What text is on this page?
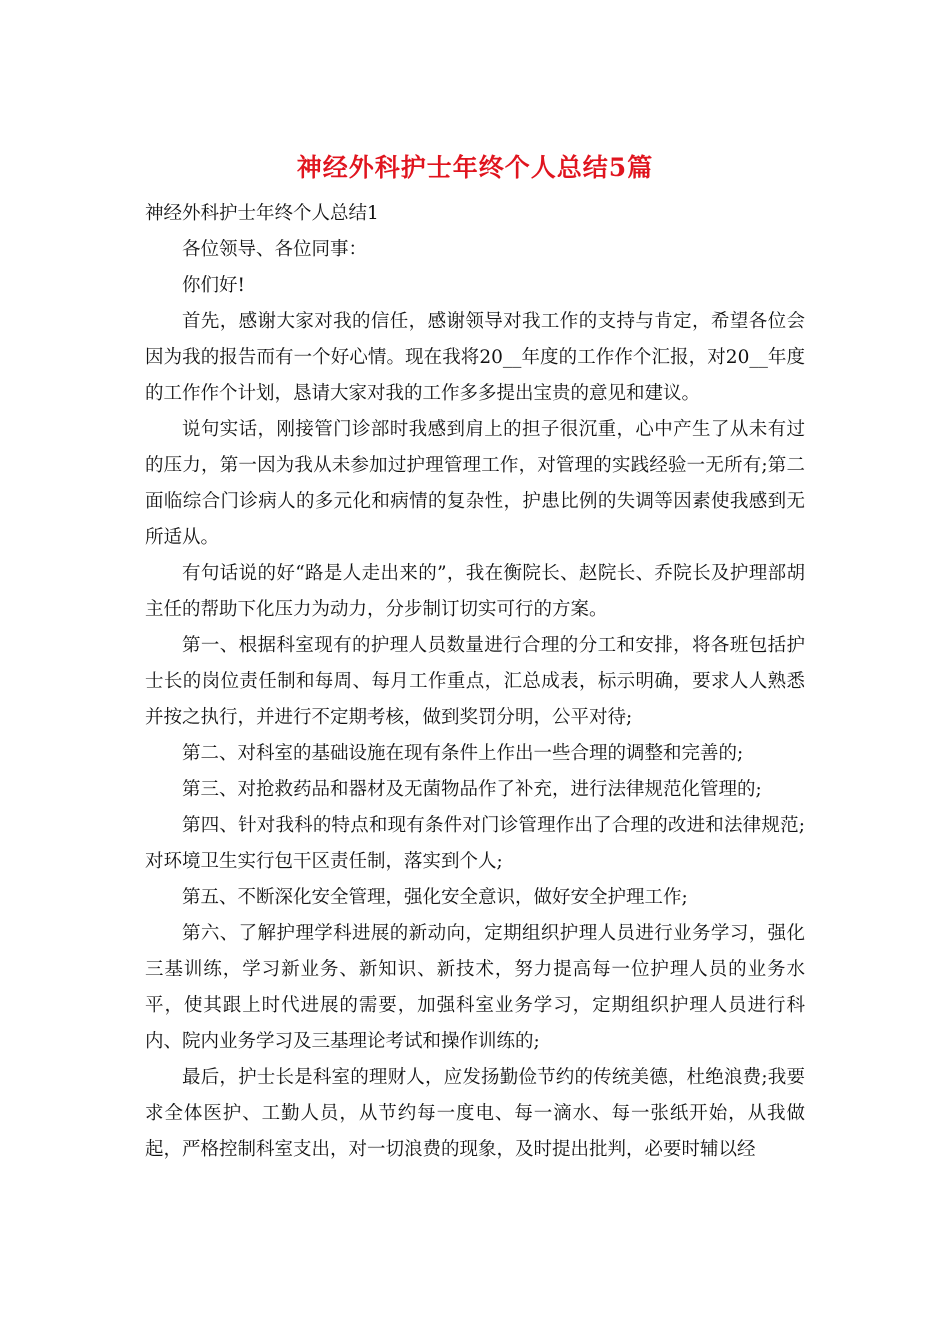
神经外科护士年终个人总结5篇

神经外科护士年终个人总结1

各位领导、各位同事：

你们好!

首先，感谢大家对我的信任，感谢领导对我工作的支持与肯定，希望各位会因为我的报告而有一个好心情。现在我将20__年度的工作作个汇报，对20__年度的工作作个计划，恳请大家对我的工作多多提出宝贵的意见和建议。

说句实话，刚接管门诊部时我感到肩上的担子很沉重，心中产生了从未有过的压力，第一因为我从未参加过护理管理工作，对管理的实践经验一无所有;第二面临综合门诊病人的多元化和病情的复杂性，护患比例的失调等因素使我感到无所适从。

有句话说的好“路是人走出来的”，我在衡院长、赵院长、乔院长及护理部胡主任的帮助下化压力为动力，分步制订切实可行的方案。

第一、根据科室现有的护理人员数量进行合理的分工和安排，将各班包括护士长的岗位责任制和每周、每月工作重点，汇总成表，标示明确，要求人人熟悉并按之执行，并进行不定期考核，做到奖罚分明，公平对待;

第二、对科室的基础设施在现有条件上作出一些合理的调整和完善的;

第三、对抢救药品和器材及无菌物品作了补充，进行法律规范化管理的;

第四、针对我科的特点和现有条件对门诊管理作出了合理的改进和法律规范;对环境卫生实行包干区责任制，落实到个人;

第五、不断深化安全管理，强化安全意识，做好安全护理工作;

第六、了解护理学科进展的新动向，定期组织护理人员进行业务学习，强化三基训练，学习新业务、新知识、新技术，努力提高每一位护理人员的业务水平，使其跟上时代进展的需要，加强科室业务学习，定期组织护理人员进行科内、院内业务学习及三基理论考试和操作训练的;

最后，护士长是科室的理财人，应发扬勤俭节约的传统美德，杜绝浪费;我要求全体医护、工勤人员，从节约每一度电、每一滴水、每一张纸开始，从我做起，严格控制科室支出，对一切浪费的现象，及时提出批判，必要时辅以经
